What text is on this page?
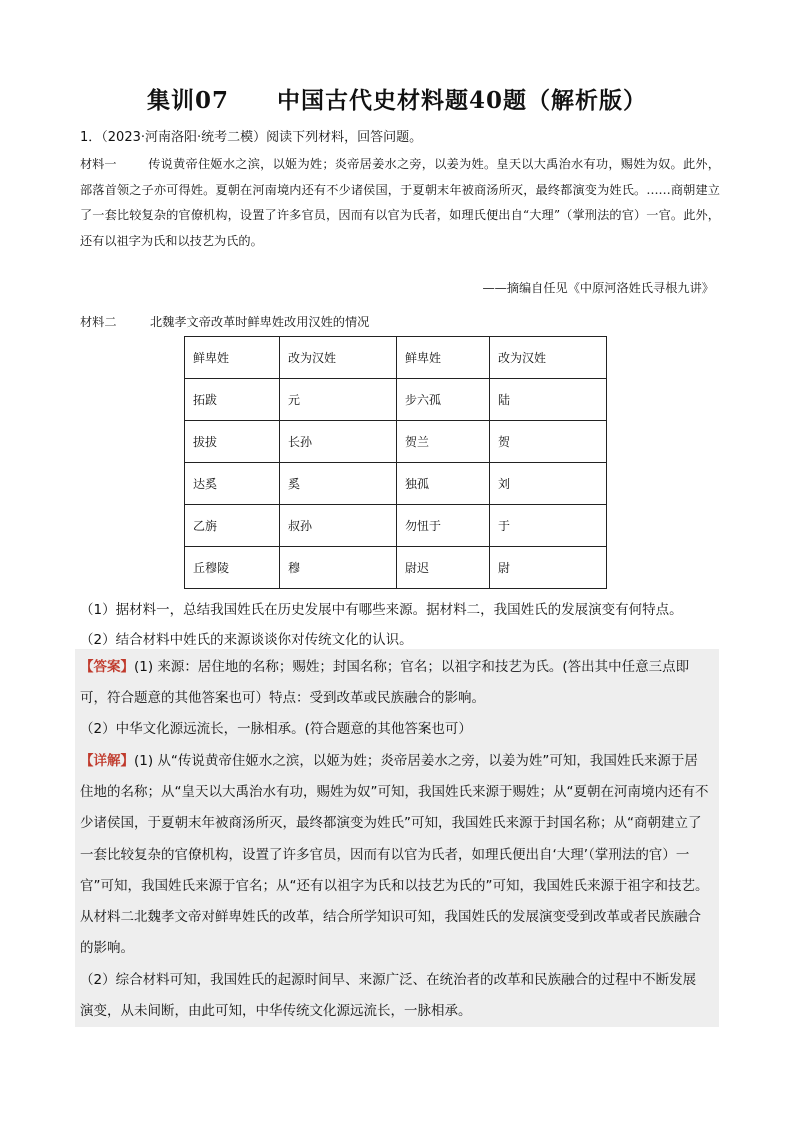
集训07 中国古代史材料题40题（解析版）
1．（2023·河南洛阳·统考二模）阅读下列材料，回答问题。
材料一	传说黄帝住姬水之滨，以姬为姓；炎帝居姜水之旁，以姜为姓。皇天以大禹治水有功，赐姓为奴。此外，部落首领之子亦可得姓。夏朝在河南境内还有不少诸侯国，于夏朝末年被商汤所灭，最终都演变为姓氏。……商朝建立了一套比较复杂的官僚机构，设置了许多官员，因而有以官为氏者，如理氏便出自“大理”（掌刑法的官）一官。此外，还有以祖字为氏和以技艺为氏的。
——摘编自任见《中原河洛姓氏寻根九讲》
材料二	北魏孝文帝改革时鲜卑姓改用汉姓的情况
鲜卑姓	改为汉姓	鲜卑姓	改为汉姓
拓跋	元	步六孤	陆
拔拔	长孙	贺兰	贺
达奚	奚	独孤	刘
乙旃	叔孙	勿忸于	于
丘穆陵	穆	尉迟	尉
（1）据材料一，总结我国姓氏在历史发展中有哪些来源。据材料二，我国姓氏的发展演变有何特点。
（2）结合材料中姓氏的来源谈谈你对传统文化的认识。
【答案】(1) 来源：居住地的名称；赐姓；封国名称；官名；以祖字和技艺为氏。(答出其中任意三点即
可，符合题意的其他答案也可）特点：受到改革或民族融合的影响。
（2）中华文化源远流长，一脉相承。(符合题意的其他答案也可）
【详解】(1) 从“传说黄帝住姬水之滨，以姬为姓；炎帝居姜水之旁，以姜为姓”可知，我国姓氏来源于居
住地的名称；从“皇天以大禹治水有功，赐姓为奴”可知，我国姓氏来源于赐姓；从“夏朝在河南境内还有不
少诸侯国，于夏朝末年被商汤所灭，最终都演变为姓氏”可知，我国姓氏来源于封国名称；从“商朝建立了
一套比较复杂的官僚机构，设置了许多官员，因而有以官为氏者，如理氏便出自‘大理’（掌刑法的官）一
官”可知，我国姓氏来源于官名；从“还有以祖字为氏和以技艺为氏的”可知，我国姓氏来源于祖字和技艺。
从材料二北魏孝文帝对鲜卑姓氏的改革，结合所学知识可知，我国姓氏的发展演变受到改革或者民族融合
的影响。
（2）综合材料可知，我国姓氏的起源时间早、来源广泛、在统治者的改革和民族融合的过程中不断发展
演变，从未间断，由此可知，中华传统文化源远流长，一脉相承。
